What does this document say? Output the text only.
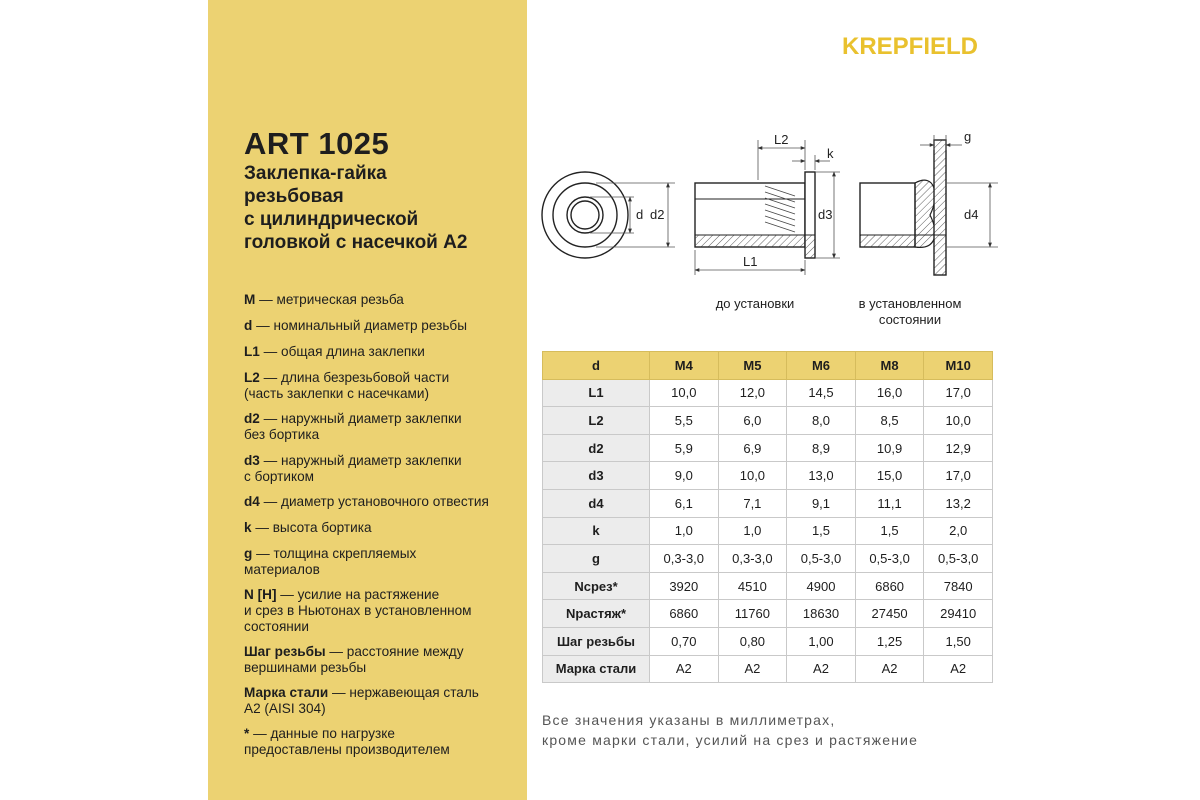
ART 1025
Заклепка-гайка
резьбовая
с цилиндрической
головкой с насечкой А2
M — метрическая резьба
d — номинальный диаметр резьбы
L1 — общая длина заклепки
L2 — длина безрезьбовой части
(часть заклепки с насечками)
d2 — наружный диаметр заклепки
без бортика
d3 — наружный диаметр заклепки
с бортиком
d4 — диаметр установочного отвестия
k — высота бортика
g — толщина скрепляемых
материалов
N [Н] — усилие на растяжение
и срез в Ньютонах в установленном
состоянии
Шаг резьбы — расстояние между
вершинами резьбы
Марка стали — нержавеющая сталь
A2 (AISI 304)
* — данные по нагрузке
предоставлены производителем
KREPFIELD
d d2
L2
k
d3
L1
g
d4
до установки	в установленном
состоянии
d	M4	M5	M6	M8	M10
L1	10,0	12,0	14,5	16,0	17,0
L2	5,5	6,0	8,0	8,5	10,0
d2	5,9	6,9	8,9	10,9	12,9
d3	9,0	10,0	13,0	15,0	17,0
d4	6,1	7,1	9,1	11,1	13,2
k	1,0	1,0	1,5	1,5	2,0
g	0,3-3,0	0,3-3,0	0,5-3,0	0,5-3,0	0,5-3,0
Nсрез*	3920	4510	4900	6860	7840
Nрастяж*	6860	11760	18630	27450	29410
Шаг резьбы	0,70	0,80	1,00	1,25	1,50
Марка стали	A2	A2	A2	A2	A2
Все значения указаны в миллиметрах,
кроме марки стали, усилий на срез и растяжение
